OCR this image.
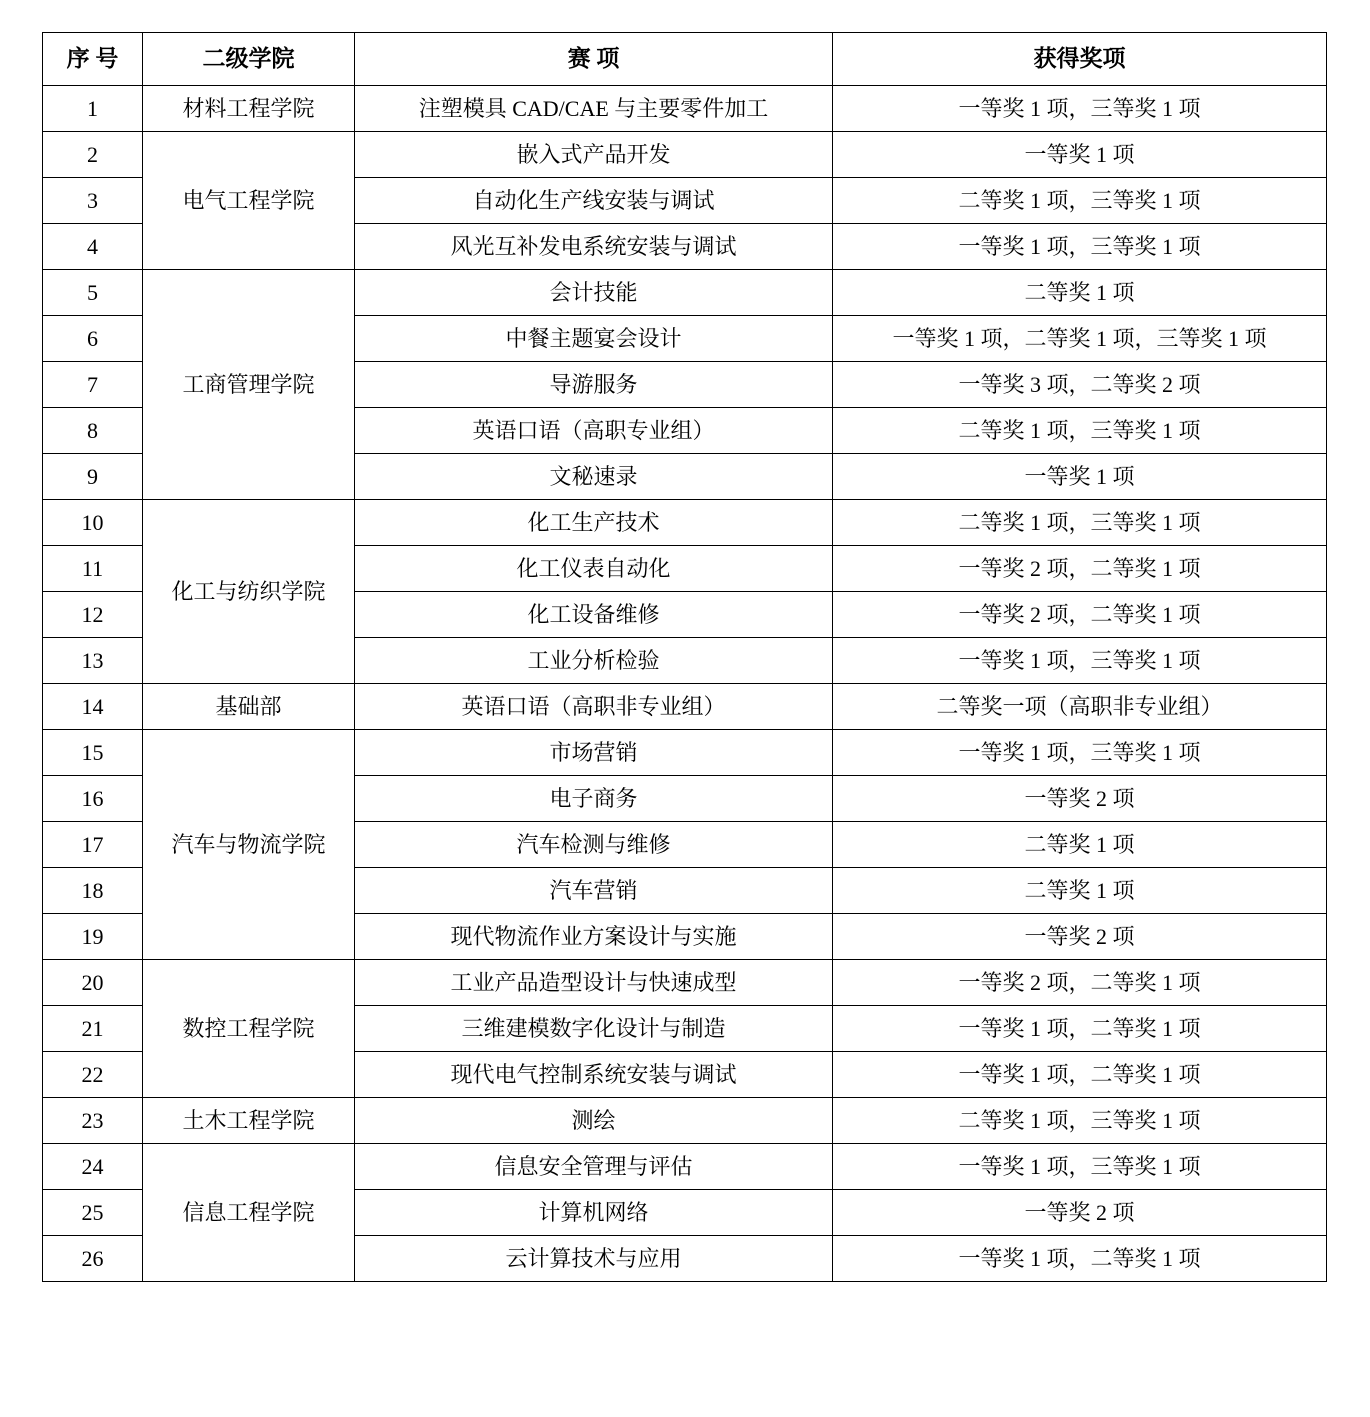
序 号	二级学院	赛 项	获得奖项
1	材料工程学院	注塑模具 CAD/CAE 与主要零件加工	一等奖 1 项，三等奖 1 项
2	电气工程学院	嵌入式产品开发	一等奖 1 项
3		自动化生产线安装与调试	二等奖 1 项，三等奖 1 项
4		风光互补发电系统安装与调试	一等奖 1 项，三等奖 1 项
5	工商管理学院	会计技能	二等奖 1 项
6		中餐主题宴会设计	一等奖 1 项，二等奖 1 项，三等奖 1 项
7		导游服务	一等奖 3 项，二等奖 2 项
8		英语口语（高职专业组）	二等奖 1 项，三等奖 1 项
9		文秘速录	一等奖 1 项
10	化工与纺织学院	化工生产技术	二等奖 1 项，三等奖 1 项
11		化工仪表自动化	一等奖 2 项，二等奖 1 项
12		化工设备维修	一等奖 2 项，二等奖 1 项
13		工业分析检验	一等奖 1 项，三等奖 1 项
14	基础部	英语口语（高职非专业组）	二等奖一项（高职非专业组）
15	汽车与物流学院	市场营销	一等奖 1 项，三等奖 1 项
16		电子商务	一等奖 2 项
17		汽车检测与维修	二等奖 1 项
18		汽车营销	二等奖 1 项
19		现代物流作业方案设计与实施	一等奖 2 项
20	数控工程学院	工业产品造型设计与快速成型	一等奖 2 项，二等奖 1 项
21		三维建模数字化设计与制造	一等奖 1 项，二等奖 1 项
22		现代电气控制系统安装与调试	一等奖 1 项，二等奖 1 项
23	土木工程学院	测绘	二等奖 1 项，三等奖 1 项
24	信息工程学院	信息安全管理与评估	一等奖 1 项，三等奖 1 项
25		计算机网络	一等奖 2 项
26		云计算技术与应用	一等奖 1 项，二等奖 1 项
